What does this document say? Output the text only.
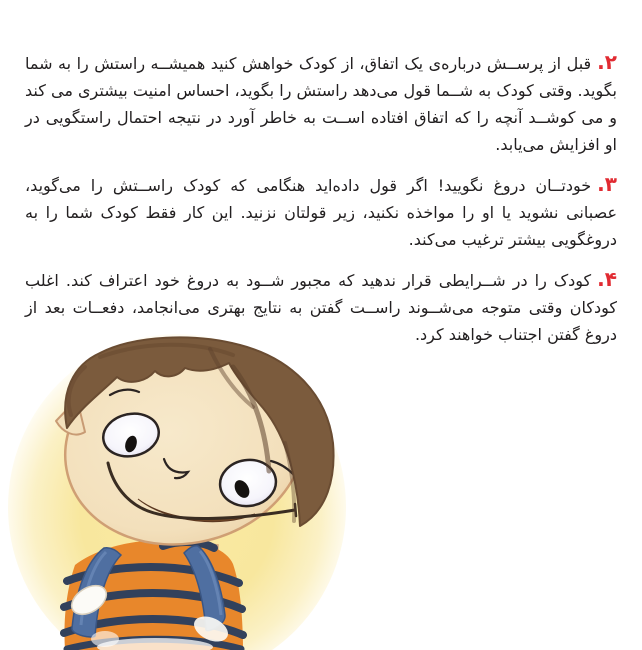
۲.قبل از پرســش درباره‌ی یک اتفاق، از کودک خواهش کنید همیشــه راستش را به شما بگوید. وقتی کودک به شــما قول می‌دهد راستش را بگوید، احساس امنیت بیشتری می کند و می کوشــد آنچه را که اتفاق افتاده اســت به خاطر آورد در نتیجه احتمال راستگویی در او افزایش می‌یابد.

۳.خودتــان دروغ نگویید! اگر قول داده‌اید هنگامی که کودک راســتش را می‌گوید، عصبانی نشوید یا او را مواخذه نکنید، زیر قولتان نزنید. این کار فقط کودک شما را به دروغگویی بیشتر ترغیب می‌کند.

۴.کودک را در شــرایطی قرار ندهید که مجبور شــود به دروغ خود اعتراف کند. اغلب کودکان وقتی متوجه می‌شــوند راســت گفتن به نتایج بهتری می‌انجامد، دفعــات بعد از دروغ گفتن اجتناب خواهند کرد.
